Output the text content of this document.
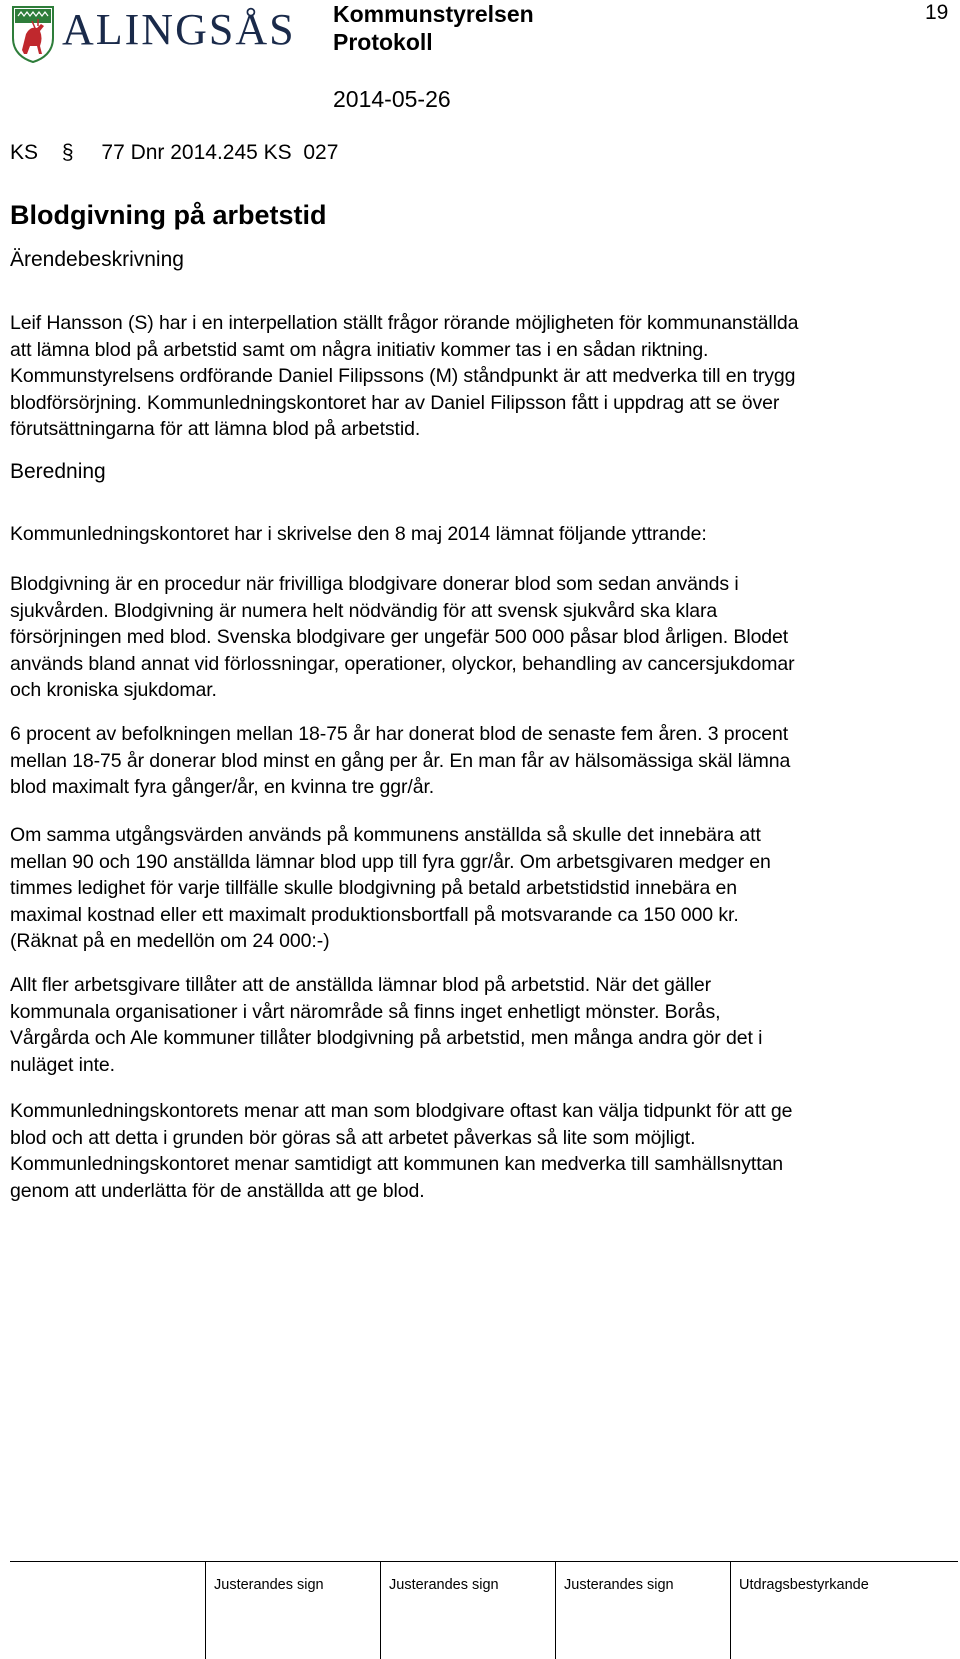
ALINGSÅS Kommunstyrelsen
Protokoll
2014-05-26
19
KS § 77 Dnr 2014.245 KS  027
Blodgivning på arbetstid
Ärendebeskrivning
Leif Hansson (S) har i en interpellation ställt frågor rörande möjligheten för kommunanställda
att lämna blod på arbetstid samt om några initiativ kommer tas i en sådan riktning.
Kommunstyrelsens ordförande Daniel Filipssons (M) ståndpunkt är att medverka till en trygg
blodförsörjning. Kommunledningskontoret har av Daniel Filipsson fått i uppdrag att se över
förutsättningarna för att lämna blod på arbetstid.
Beredning
Kommunledningskontoret har i skrivelse den 8 maj 2014 lämnat följande yttrande:
Blodgivning är en procedur när frivilliga blodgivare donerar blod som sedan används i
sjukvården. Blodgivning är numera helt nödvändig för att svensk sjukvård ska klara
försörjningen med blod. Svenska blodgivare ger ungefär 500 000 påsar blod årligen. Blodet
används bland annat vid förlossningar, operationer, olyckor, behandling av cancersjukdomar
och kroniska sjukdomar.
6 procent av befolkningen mellan 18-75 år har donerat blod de senaste fem åren. 3 procent
mellan 18-75 år donerar blod minst en gång per år. En man får av hälsomässiga skäl lämna
blod maximalt fyra gånger/år, en kvinna tre ggr/år.
Om samma utgångsvärden används på kommunens anställda så skulle det innebära att
mellan 90 och 190 anställda lämnar blod upp till fyra ggr/år. Om arbetsgivaren medger en
timmes ledighet för varje tillfälle skulle blodgivning på betald arbetstidstid innebära en
maximal kostnad eller ett maximalt produktionsbortfall på motsvarande ca 150 000 kr.
(Räknat på en medellön om 24 000:-)
Allt fler arbetsgivare tillåter att de anställda lämnar blod på arbetstid. När det gäller
kommunala organisationer i vårt närområde så finns inget enhetligt mönster. Borås,
Vårgårda och Ale kommuner tillåter blodgivning på arbetstid, men många andra gör det i
nuläget inte.
Kommunledningskontorets menar att man som blodgivare oftast kan välja tidpunkt för att ge
blod och att detta i grunden bör göras så att arbetet påverkas så lite som möjligt.
Kommunledningskontoret menar samtidigt att kommunen kan medverka till samhällsnyttan
genom att underlätta för de anställda att ge blod.
Justerandes sign	Justerandes sign	Justerandes sign	Utdragsbestyrkande
